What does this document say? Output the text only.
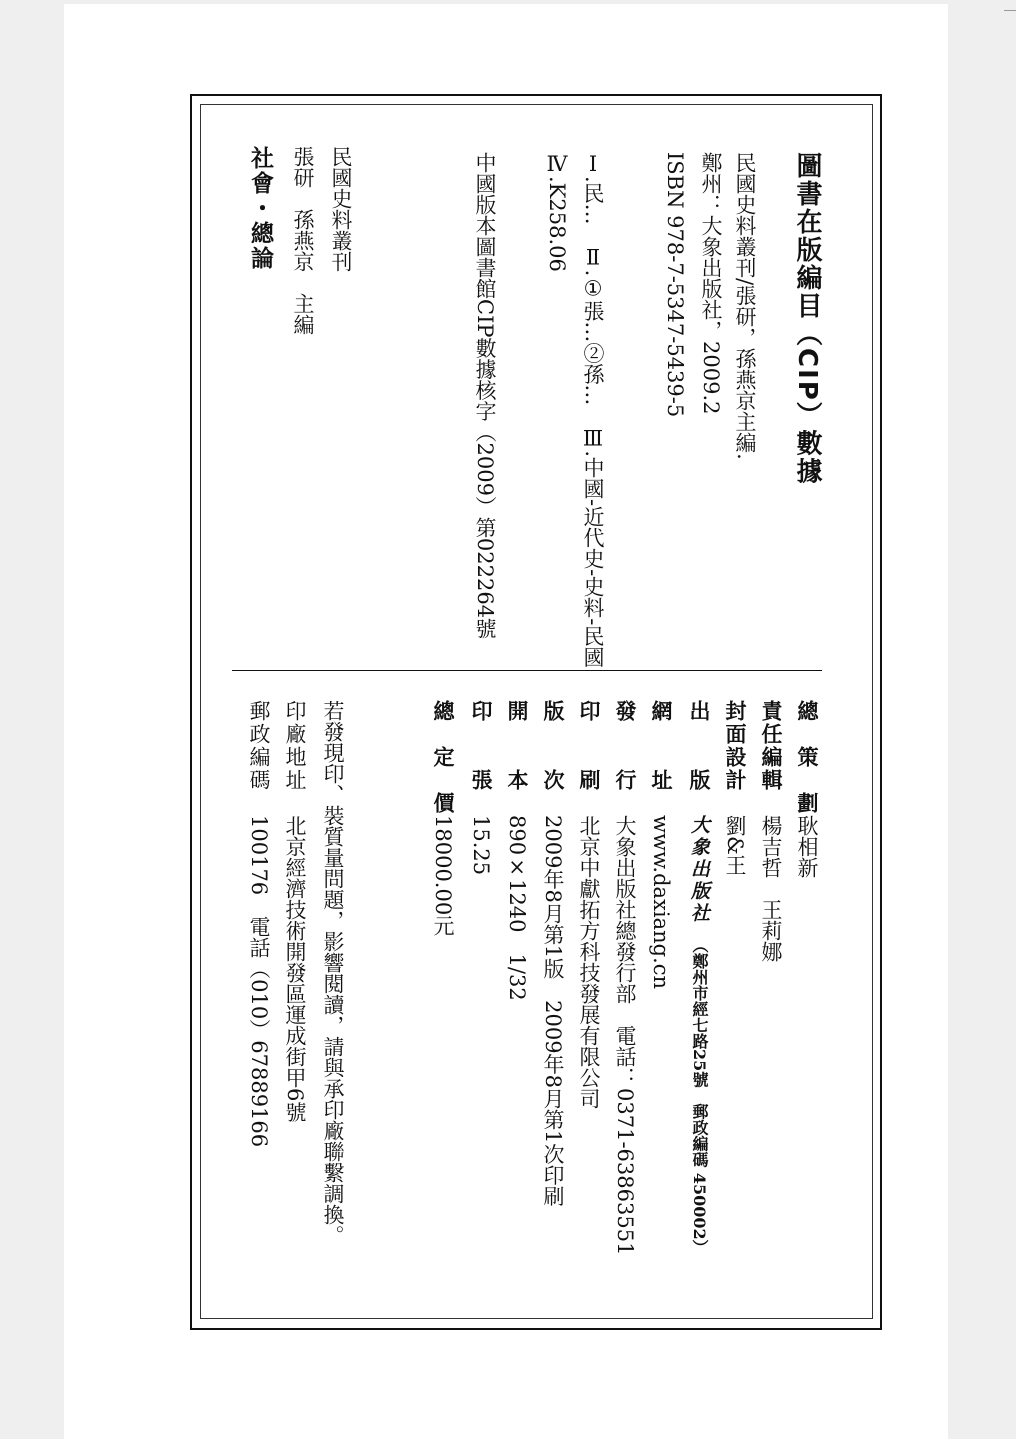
圖書在版編目（CIP）數據
民國史料叢刊/張研，孫燕京主編.
鄭州：大象出版社，2009.2
ISBN 978-7-5347-5439-5
Ⅰ.民…　Ⅱ.①張…②孫…　Ⅲ.中國-近代史-史料-民國
Ⅳ.K258.06
中國版本圖書館CIP數據核字（2009）第022264號
民國史料叢刊
張研　孫燕京　主編
社會・總論
總　策　劃 耿相新
責任編輯 楊吉哲　王莉娜
封面設計 劉&王
出　　版 大象出版社 （鄭州市經七路25號　郵政編碼 450002）
網　　址 www.daxiang.cn
發　　行 大象出版社總發行部　電話：0371-63863551
印　　刷 北京中獻拓方科技發展有限公司
版　　次 2009年8月第1版　2009年8月第1次印刷
開　　本 890×1240　1/32
印　　張 15.25
總　定　價 18000.00元
若發現印、裝質量問題，影響閱讀，請與承印廠聯繫調換。
印廠地址 北京經濟技術開發區運成街甲6號
郵政編碼 100176　電話（010）67889166
